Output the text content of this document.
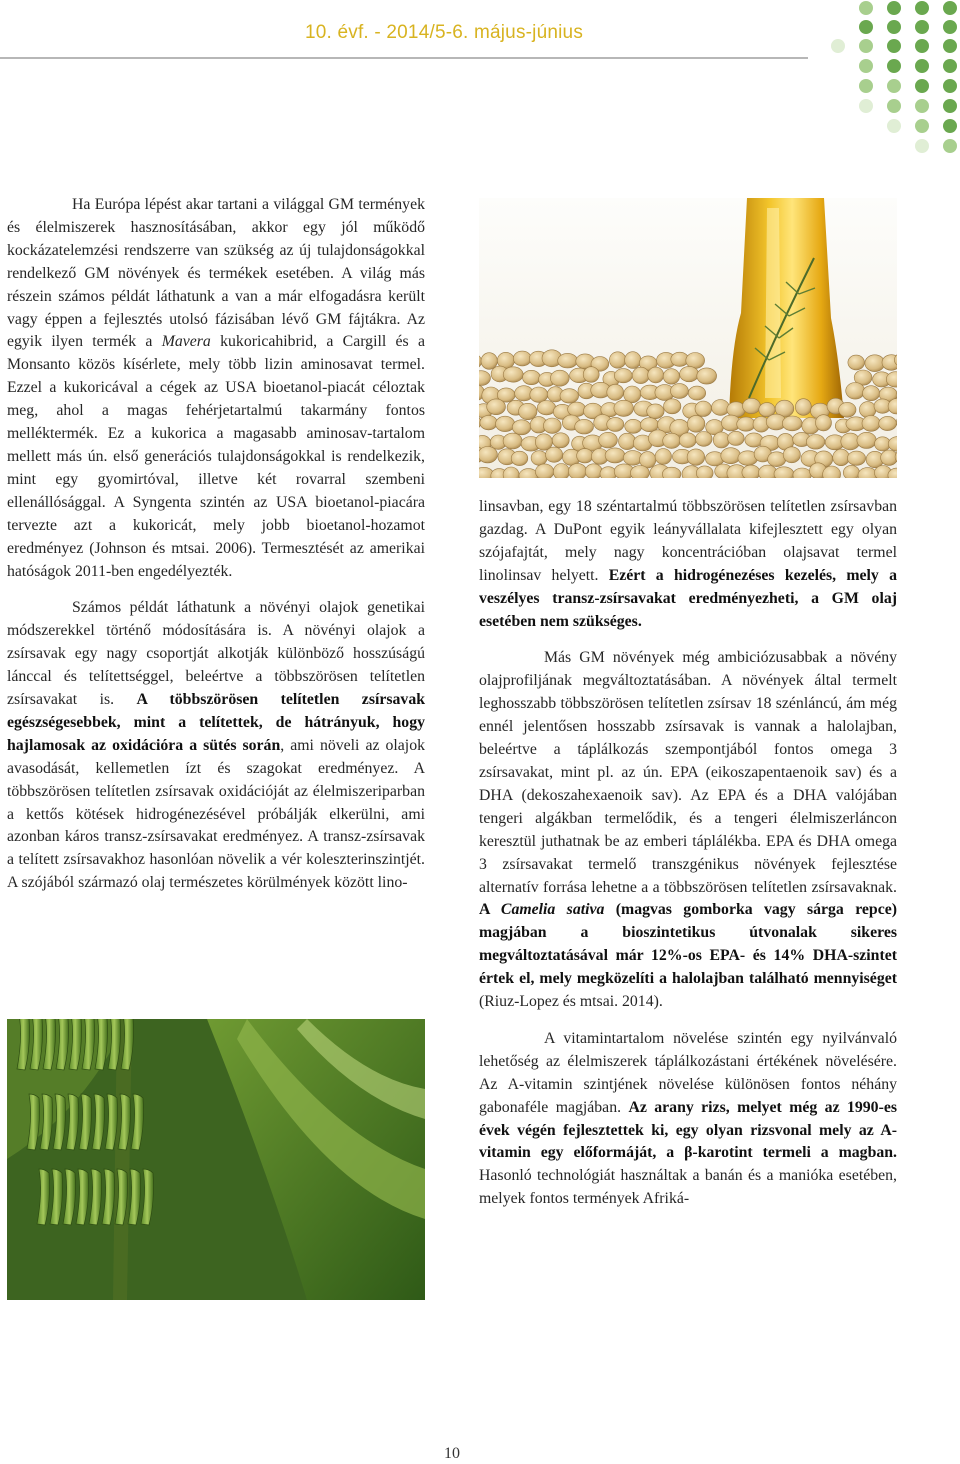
10. évf. - 2014/5-6. május-június

Ha Európa lépést akar tartani a világgal GM termények és élelmiszerek hasznosításában, akkor egy jól működő kockázatelemzési rendszerre van szükség az új tulajdonságokkal rendelkező GM növények és termékek esetében. A világ más részein számos példát láthatunk a van a már elfogadásra került vagy éppen a fejlesztés utolsó fázisában lévő GM fájtákra. Az egyik ilyen termék a Mavera kukoricahibrid, a Cargill és a Monsanto közös kísérlete, mely több lizin aminosavat termel. Ezzel a kukoricával a cégek az USA bioetanol-piacát céloztak meg, ahol a magas fehérjetartalmú takarmány fontos melléktermék. Ez a kukorica a magasabb aminosav-tartalom mellett más ún. első generációs tulajdonságokkal is rendelkezik, mint egy gyomirtóval, illetve két rovarral szembeni ellenállósággal. A Syngenta szintén az USA bioetanol-piacára tervezte azt a kukoricát, mely jobb bioetanol-hozamot eredményez (Johnson és mtsai. 2006). Termesztését az amerikai hatóságok 2011-ben engedélyezték.

Számos példát láthatunk a növényi olajok genetikai módszerekkel történő módosítására is. A növényi olajok a zsírsavak egy nagy csoportját alkotják különböző hosszúságú lánccal és telítettséggel, beleértve a többszörösen telítetlen zsírsavakat is. A többszörösen telítetlen zsírsavak egészségesebbek, mint a telítettek, de hátrányuk, hogy hajlamosak az oxidációra a sütés során, ami növeli az olajok avasodását, kellemetlen ízt és szagokat eredményez. A többszörösen telítetlen zsírsavak oxidációját az élelmiszeriparban a kettős kötések hidrogénezésével próbálják elkerülni, ami azonban káros transz-zsírsavakat eredményez. A transz-zsírsavak a telített zsírsavakhoz hasonlóan növelik a vér koleszterinszintjét. A szójából származó olaj természetes körülmények között lino-

linsavban, egy 18 széntartalmú többszörösen telítetlen zsírsavban gazdag. A DuPont egyik leányvállalata kifejlesztett egy olyan szójafajtát, mely nagy koncentrációban olajsavat termel linolinsav helyett. Ezért a hidrogénezéses kezelés, mely a veszélyes transz-zsírsavakat eredményezheti, a GM olaj esetében nem szükséges.

Más GM növények még ambiciózusabbak a növény olajprofiljának megváltoztatásában. A növények által termelt leghosszabb többszörösen telítetlen zsírsav 18 szénláncú, ám még ennél jelentősen hosszabb zsírsavak is vannak a halolajban, beleértve a táplálkozás szempontjából fontos omega 3 zsírsavakat, mint pl. az ún. EPA (eikoszapentaenoik sav) és a DHA (dekoszahexaenoik sav). Az EPA és a DHA valójában tengeri algákban termelődik, és a tengeri élelmiszerláncon keresztül juthatnak be az emberi táplálékba. EPA és DHA omega 3 zsírsavakat termelő transzgénikus növények fejlesztése alternatív forrása lehetne a a többszörösen telítetlen zsírsavaknak. A Camelia sativa (magvas gomborka vagy sárga repce) magjában a bioszintetikus útvonalak sikeres megváltoztatásával már 12%-os EPA- és 14% DHA-szintet értek el, mely megközelíti a halolajban található mennyiséget (Riuz-Lopez és mtsai. 2014).

A vitamintartalom növelése szintén egy nyilvánvaló lehetőség az élelmiszerek táplálkozástani értékének növelésére. Az A-vitamin szintjének növelése különösen fontos néhány gabonaféle magjában. Az arany rizs, melyet még az 1990-es évek végén fejlesztettek ki, egy olyan rizsvonal mely az A-vitamin egy előformáját, a β-karotint termeli a magban. Hasonló technológiát használtak a banán és a manióka esetében, melyek fontos termények Afriká-

10
